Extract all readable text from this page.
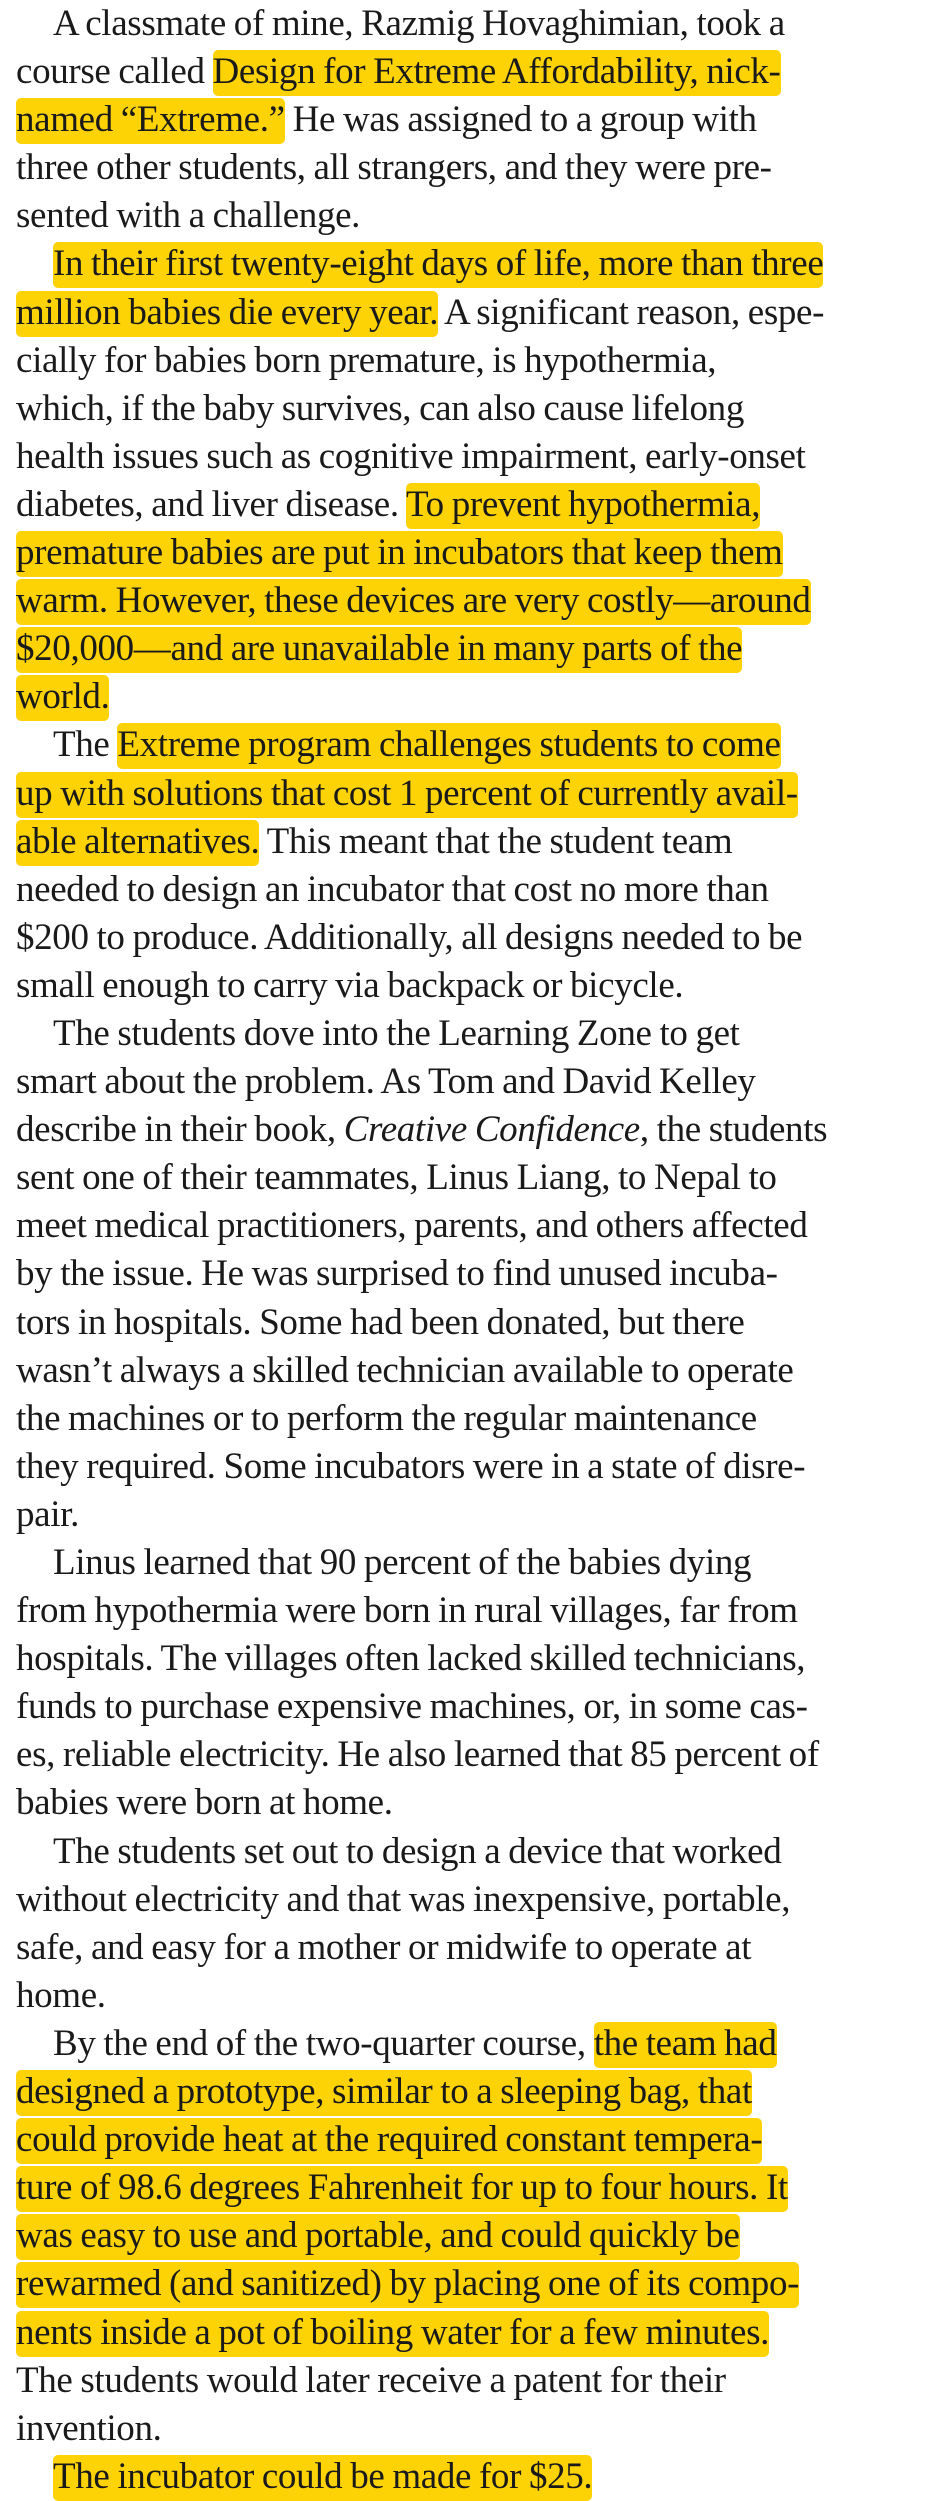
A classmate of mine, Razmig Hovaghimian, took a
course called Design for Extreme Affordability, nick-
named “Extreme.” He was assigned to a group with
three other students, all strangers, and they were pre-
sented with a challenge.
In their first twenty-eight days of life, more than three
million babies die every year. A significant reason, espe-
cially for babies born premature, is hypothermia,
which, if the baby survives, can also cause lifelong
health issues such as cognitive impairment, early-onset
diabetes, and liver disease. To prevent hypothermia,
premature babies are put in incubators that keep them
warm. However, these devices are very costly—around
$20,000—and are unavailable in many parts of the
world.
The Extreme program challenges students to come
up with solutions that cost 1 percent of currently avail-
able alternatives. This meant that the student team
needed to design an incubator that cost no more than
$200 to produce. Additionally, all designs needed to be
small enough to carry via backpack or bicycle.
The students dove into the Learning Zone to get
smart about the problem. As Tom and David Kelley
describe in their book, Creative Confidence, the students
sent one of their teammates, Linus Liang, to Nepal to
meet medical practitioners, parents, and others affected
by the issue. He was surprised to find unused incuba-
tors in hospitals. Some had been donated, but there
wasn’t always a skilled technician available to operate
the machines or to perform the regular maintenance
they required. Some incubators were in a state of disre-
pair.
Linus learned that 90 percent of the babies dying
from hypothermia were born in rural villages, far from
hospitals. The villages often lacked skilled technicians,
funds to purchase expensive machines, or, in some cas-
es, reliable electricity. He also learned that 85 percent of
babies were born at home.
The students set out to design a device that worked
without electricity and that was inexpensive, portable,
safe, and easy for a mother or midwife to operate at
home.
By the end of the two-quarter course, the team had
designed a prototype, similar to a sleeping bag, that
could provide heat at the required constant tempera-
ture of 98.6 degrees Fahrenheit for up to four hours. It
was easy to use and portable, and could quickly be
rewarmed (and sanitized) by placing one of its compo-
nents inside a pot of boiling water for a few minutes.
The students would later receive a patent for their
invention.
The incubator could be made for $25.
